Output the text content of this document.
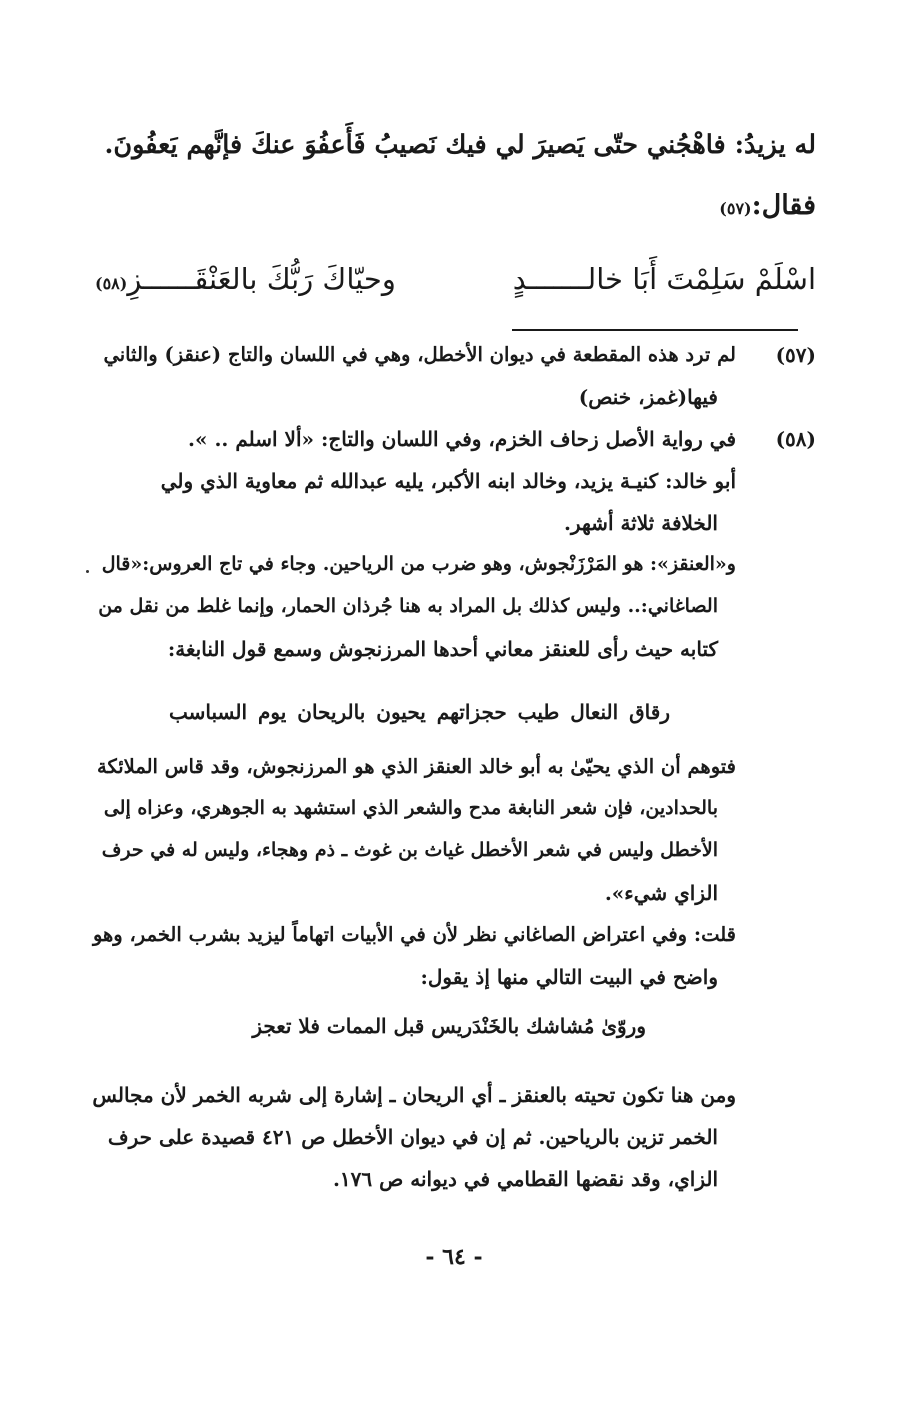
له يزيدُ: فاهْجُني حتّى يَصيرَ لي فيك نَصيبُ فَأَعفُوَ عنكَ فإنَّهم يَعفُونَ.
فقال:(٥٧)
اسْلَمْ سَلِمْتَ أَبَا خالـــــــدٍ
وحيّاكَ رَبُّكَ بالعَنْقَــــــزِ(٥٨)
(٥٧)
لم ترد هذه المقطعة في ديوان الأخطل، وهي في اللسان والتاج (عنقز) والثاني
فيها(غمز، خنص)
(٥٨)
في رواية الأصل زحاف الخزم، وفي اللسان والتاج: «ألا اسلم .. ».
أبو خالد: كنيـة يزيد، وخالد ابنه الأكبر، يليه عبدالله ثم معاوية الذي ولي
الخلافة ثلاثة أشهر.
و«العنقز»: هو المَرْزَنْجوش، وهو ضرب من الرياحين. وجاء في تاج العروس:«قال
الصاغاني:.. وليس كذلك بل المراد به هنا جُرذان الحمار، وإنما غلط من نقل من
كتابه حيث رأى للعنقز معاني أحدها المرزنجوش وسمع قول النابغة:
رقاق النعال طيب حجزاتهم يحيون بالريحان يوم السباسب
فتوهم أن الذي يحيّىٰ به أبو خالد العنقز الذي هو المرزنجوش، وقد قاس الملائكة
بالحدادين، فإن شعر النابغة مدح والشعر الذي استشهد به الجوهري، وعزاه إلى
الأخطل وليس في شعر الأخطل غياث بن غوث ـ ذم وهجاء، وليس له في حرف
الزاي شيء».
قلت: وفي اعتراض الصاغاني نظر لأن في الأبيات اتهاماً ليزيد بشرب الخمر، وهو
واضح في البيت التالي منها إذ يقول:
وروّىٰ مُشاشك بالخَنْدَريس قبل الممات فلا تعجز
ومن هنا تكون تحيته بالعنقز ـ أي الريحان ـ إشارة إلى شربه الخمر لأن مجالس
الخمر تزين بالرياحين. ثم إن في ديوان الأخطل ص ٤٢١ قصيدة على حرف
الزاي، وقد نقضها القطامي في ديوانه ص ١٧٦.
- ٦٤ -
